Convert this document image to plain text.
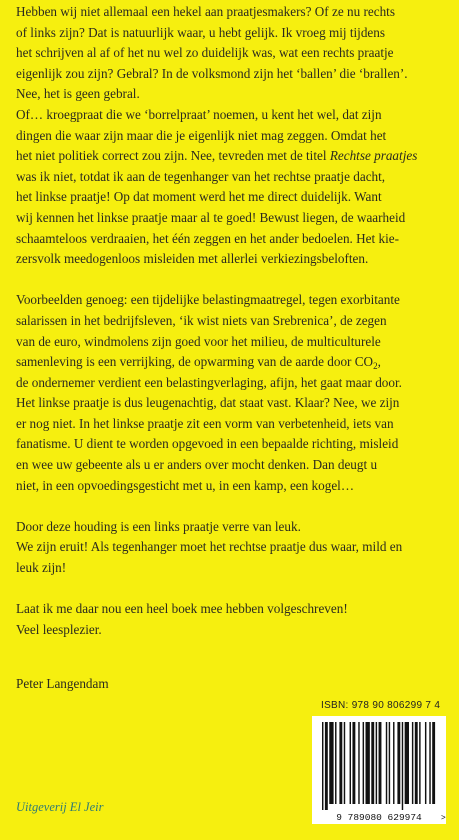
Hebben wij niet allemaal een hekel aan praatjesmakers? Of ze nu rechts
of links zijn? Dat is natuurlijk waar, u hebt gelijk. Ik vroeg mij tijdens
het schrijven al af of het nu wel zo duidelijk was, wat een rechts praatje
eigenlijk zou zijn? Gebral? In de volksmond zijn het ‘ballen’ die ‘brallen’.
Nee, het is geen gebral.

Of… kroegpraat die we ‘borrelpraat’ noemen, u kent het wel, dat zijn
dingen die waar zijn maar die je eigenlijk niet mag zeggen. Omdat het
het niet politiek correct zou zijn. Nee, tevreden met de titel Rechtse praatjes
was ik niet, totdat ik aan de tegenhanger van het rechtse praatje dacht,
het linkse praatje! Op dat moment werd het me direct duidelijk. Want
wij kennen het linkse praatje maar al te goed! Bewust liegen, de waarheid
schaamteloos verdraaien, het één zeggen en het ander bedoelen. Het kie-
zersvolk meedogenloos misleiden met allerlei verkiezingsbeloften.

Voorbeelden genoeg: een tijdelijke belastingmaatregel, tegen exorbitante
salarissen in het bedrijfsleven, ‘ik wist niets van Srebrenica’, de zegen
van de euro, windmolens zijn goed voor het milieu, de multiculturele
samenleving is een verrijking, de opwarming van de aarde door $CO_2$,
de ondernemer verdient een belastingverlaging, afijn, het gaat maar door.
Het linkse praatje is dus leugenachtig, dat staat vast. Klaar? Nee, we zijn
er nog niet. In het linkse praatje zit een vorm van verbetenheid, iets van
fanatisme. U dient te worden opgevoed in een bepaalde richting, misleid
en wee uw gebeente als u er anders over mocht denken. Dan deugt u
niet, in een opvoedingsgesticht met u, in een kamp, een kogel…

Door deze houding is een links praatje verre van leuk.
We zijn eruit! Als tegenhanger moet het rechtse praatje dus waar, mild en
leuk zijn!

Laat ik me daar nou een heel boek mee hebben volgeschreven!
Veel leesplezier.

Peter Langendam
ISBN: 978 90 806299 7 4
9 789080 629974 >
Uitgeverij El Jeir
